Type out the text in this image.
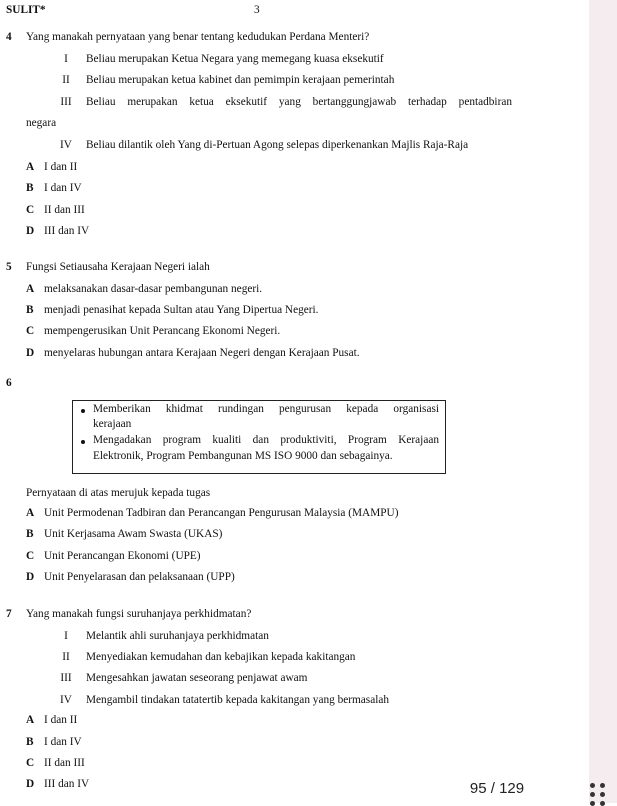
SULIT*	3
4 Yang manakah pernyataan yang benar tentang kedudukan Perdana Menteri?
I	Beliau merupakan Ketua Negara yang memegang kuasa eksekutif
II	Beliau merupakan ketua kabinet dan pemimpin kerajaan pemerintah
III	Beliau merupakan ketua eksekutif yang bertanggungjawab terhadap pentadbiran
negara
IV	Beliau dilantik oleh Yang di-Pertuan Agong selepas diperkenankan Majlis Raja-Raja
A I dan II
B I dan IV
C II dan III
D III dan IV
5 Fungsi Setiausaha Kerajaan Negeri ialah
A melaksanakan dasar-dasar pembangunan negeri.
B menjadi penasihat kepada Sultan atau Yang Dipertua Negeri.
C mempengerusikan Unit Perancang Ekonomi Negeri.
D menyelaras hubungan antara Kerajaan Negeri dengan Kerajaan Pusat.
6
Memberikan khidmat rundingan pengurusan kepada organisasi
kerajaan
Mengadakan program kualiti dan produktiviti, Program Kerajaan
Elektronik, Program Pembangunan MS ISO 9000 dan sebagainya.
Pernyataan di atas merujuk kepada tugas
A Unit Permodenan Tadbiran dan Perancangan Pengurusan Malaysia (MAMPU)
B Unit Kerjasama Awam Swasta (UKAS)
C Unit Perancangan Ekonomi (UPE)
D Unit Penyelarasan dan pelaksanaan (UPP)
7 Yang manakah fungsi suruhanjaya perkhidmatan?
I	Melantik ahli suruhanjaya perkhidmatan
II	Menyediakan kemudahan dan kebajikan kepada kakitangan
III	Mengesahkan jawatan seseorang penjawat awam
IV	Mengambil tindakan tatatertib kepada kakitangan yang bermasalah
A I dan II
B I dan IV
C II dan III
D III dan IV	95 / 129
